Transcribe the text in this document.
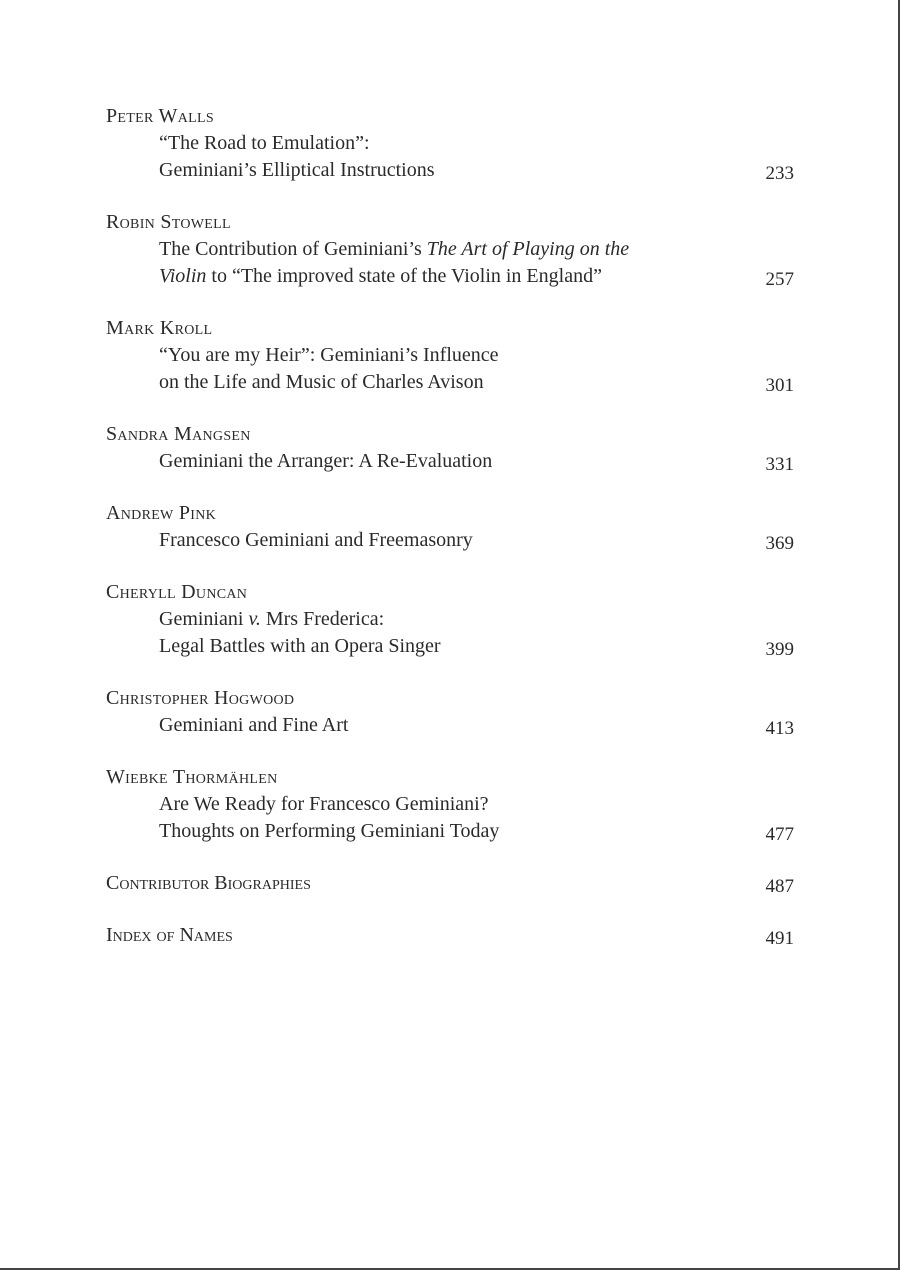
Peter Walls
“The Road to Emulation”:
Geminiani’s Elliptical Instructions	233
Robin Stowell
The Contribution of Geminiani’s The Art of Playing on the
Violin to “The improved state of the Violin in England”	257
Mark Kroll
“You are my Heir”: Geminiani’s Influence
on the Life and Music of Charles Avison	301
Sandra Mangsen
Geminiani the Arranger: A Re-Evaluation	331
Andrew Pink
Francesco Geminiani and Freemasonry	369
Cheryll Duncan
Geminiani v. Mrs Frederica:
Legal Battles with an Opera Singer	399
Christopher Hogwood
Geminiani and Fine Art	413
Wiebke Thormählen
Are We Ready for Francesco Geminiani?
Thoughts on Performing Geminiani Today	477
Contributor Biographies	487
Index of Names	491
